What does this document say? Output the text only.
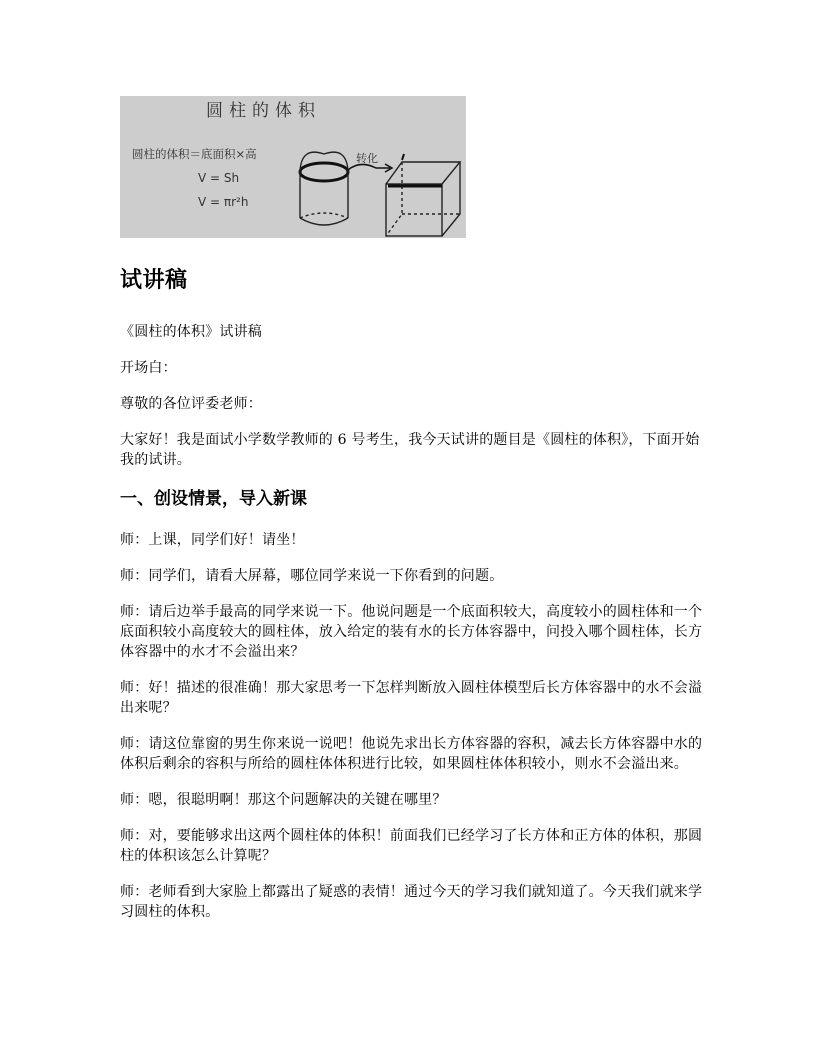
圆柱的体积
圆柱的体积＝底面积×高
V = Sh
V = πr²h
转化
试讲稿

《圆柱的体积》试讲稿

开场白：

尊敬的各位评委老师：

大家好！我是面试小学数学教师的 6 号考生，我今天试讲的题目是《圆柱的体积》，下面开始我的试讲。

一、创设情景，导入新课

师：上课，同学们好！请坐！

师：同学们，请看大屏幕，哪位同学来说一下你看到的问题。

师：请后边举手最高的同学来说一下。他说问题是一个底面积较大，高度较小的圆柱体和一个底面积较小高度较大的圆柱体，放入给定的装有水的长方体容器中，问投入哪个圆柱体，长方体容器中的水才不会溢出来？

师：好！描述的很准确！那大家思考一下怎样判断放入圆柱体模型后长方体容器中的水不会溢出来呢？

师：请这位靠窗的男生你来说一说吧！他说先求出长方体容器的容积，减去长方体容器中水的体积后剩余的容积与所给的圆柱体体积进行比较，如果圆柱体体积较小，则水不会溢出来。

师：嗯，很聪明啊！那这个问题解决的关键在哪里？

师：对，要能够求出这两个圆柱体的体积！前面我们已经学习了长方体和正方体的体积，那圆柱的体积该怎么计算呢？

师：老师看到大家脸上都露出了疑惑的表情！通过今天的学习我们就知道了。今天我们就来学习圆柱的体积。
